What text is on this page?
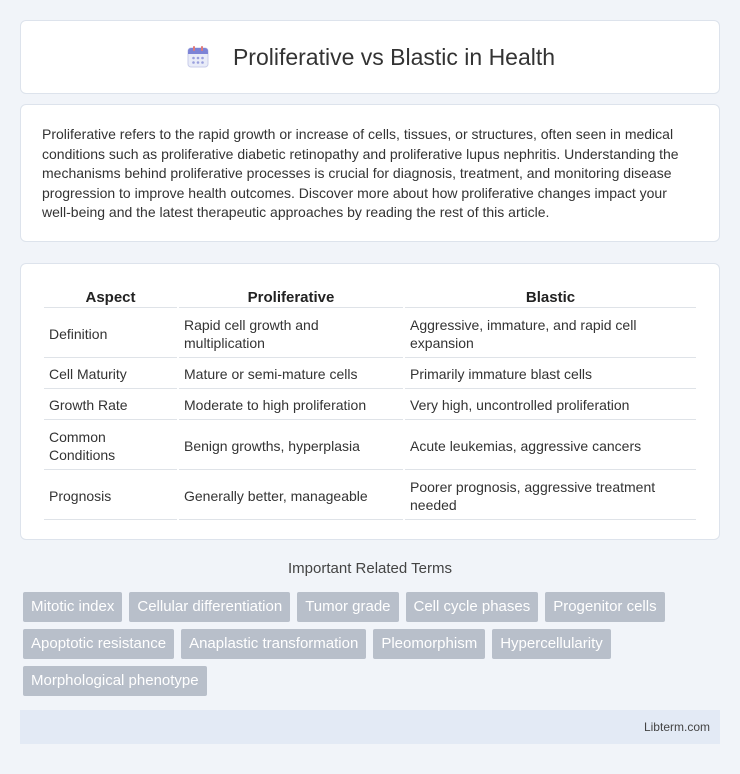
Proliferative vs Blastic in Health

Proliferative refers to the rapid growth or increase of cells, tissues, or structures, often seen in medical conditions such as proliferative diabetic retinopathy and proliferative lupus nephritis. Understanding the mechanisms behind proliferative processes is crucial for diagnosis, treatment, and monitoring disease progression to improve health outcomes. Discover more about how proliferative changes impact your well-being and the latest therapeutic approaches by reading the rest of this article.

Aspect	Proliferative	Blastic
Definition	Rapid cell growth and multiplication	Aggressive, immature, and rapid cell expansion
Cell Maturity	Mature or semi-mature cells	Primarily immature blast cells
Growth Rate	Moderate to high proliferation	Very high, uncontrolled proliferation
Common Conditions	Benign growths, hyperplasia	Acute leukemias, aggressive cancers
Prognosis	Generally better, manageable	Poorer prognosis, aggressive treatment needed
Important Related Terms
Mitotic index	Cellular differentiation	Tumor grade	Cell cycle phases	Progenitor cells
Apoptotic resistance	Anaplastic transformation	Pleomorphism	Hypercellularity
Morphological phenotype
Libterm.com
